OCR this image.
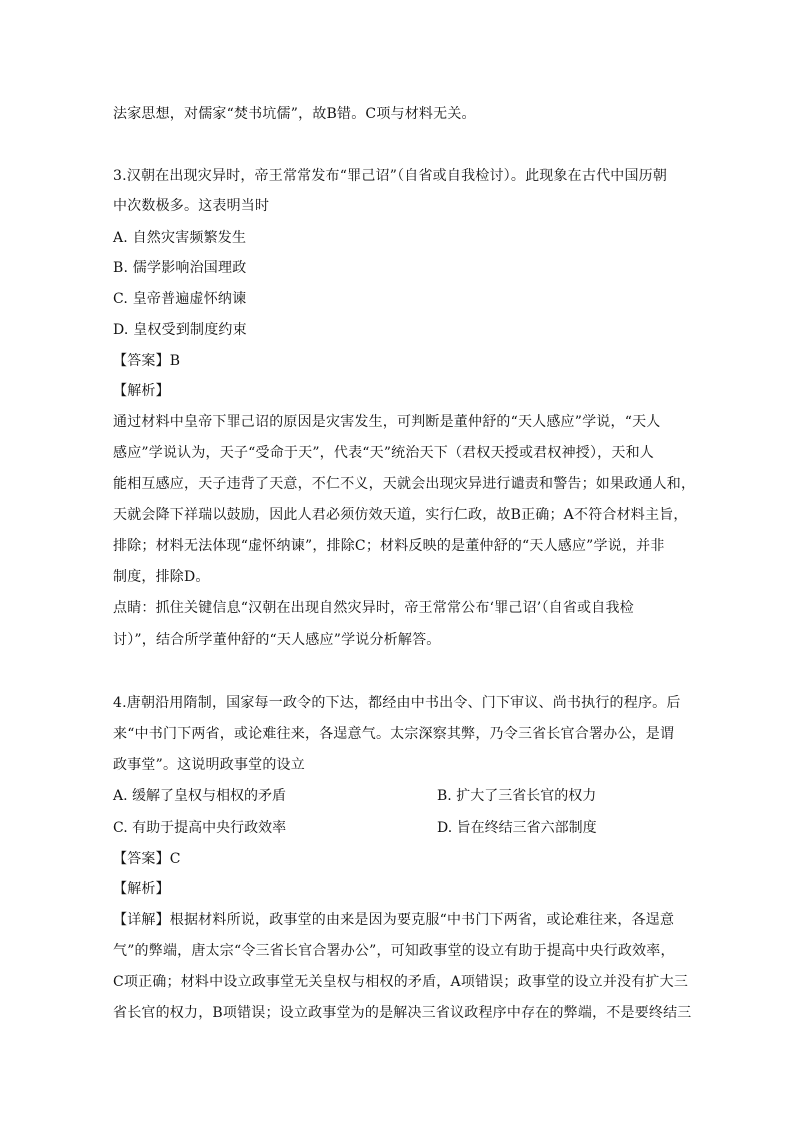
法家思想，对儒家“焚书坑儒”，故B错。C项与材料无关。
3.汉朝在出现灾异时，帝王常常发布“罪己诏”（自省或自我检讨）。此现象在古代中国历朝
中次数极多。这表明当时
A. 自然灾害频繁发生
B. 儒学影响治国理政
C. 皇帝普遍虚怀纳谏
D. 皇权受到制度约束
【答案】B
【解析】
通过材料中皇帝下罪己诏的原因是灾害发生，可判断是董仲舒的“天人感应”学说，“天人
感应”学说认为，天子“受命于天”，代表“天”统治天下（君权天授或君权神授），天和人
能相互感应，天子违背了天意，不仁不义，天就会出现灾异进行谴责和警告；如果政通人和，
天就会降下祥瑞以鼓励，因此人君必须仿效天道，实行仁政，故B正确；A不符合材料主旨，
排除；材料无法体现“虚怀纳谏”，排除C；材料反映的是董仲舒的“天人感应”学说，并非
制度，排除D。
点睛：抓住关键信息“汉朝在出现自然灾异时，帝王常常公布‘罪己诏’（自省或自我检
讨）”，结合所学董仲舒的“天人感应”学说分析解答。
4.唐朝沿用隋制，国家每一政令的下达，都经由中书出令、门下审议、尚书执行的程序。后
来“中书门下两省，或论难往来，各逞意气。太宗深察其弊，乃令三省长官合署办公，是谓
政事堂”。这说明政事堂的设立
A. 缓解了皇权与相权的矛盾	B. 扩大了三省长官的权力
C. 有助于提高中央行政效率	D. 旨在终结三省六部制度
【答案】C
【解析】
【详解】根据材料所说，政事堂的由来是因为要克服“中书门下两省，或论难往来，各逞意
气”的弊端，唐太宗“令三省长官合署办公”，可知政事堂的设立有助于提高中央行政效率，
C项正确；材料中设立政事堂无关皇权与相权的矛盾，A项错误；政事堂的设立并没有扩大三
省长官的权力，B项错误；设立政事堂为的是解决三省议政程序中存在的弊端，不是要终结三
